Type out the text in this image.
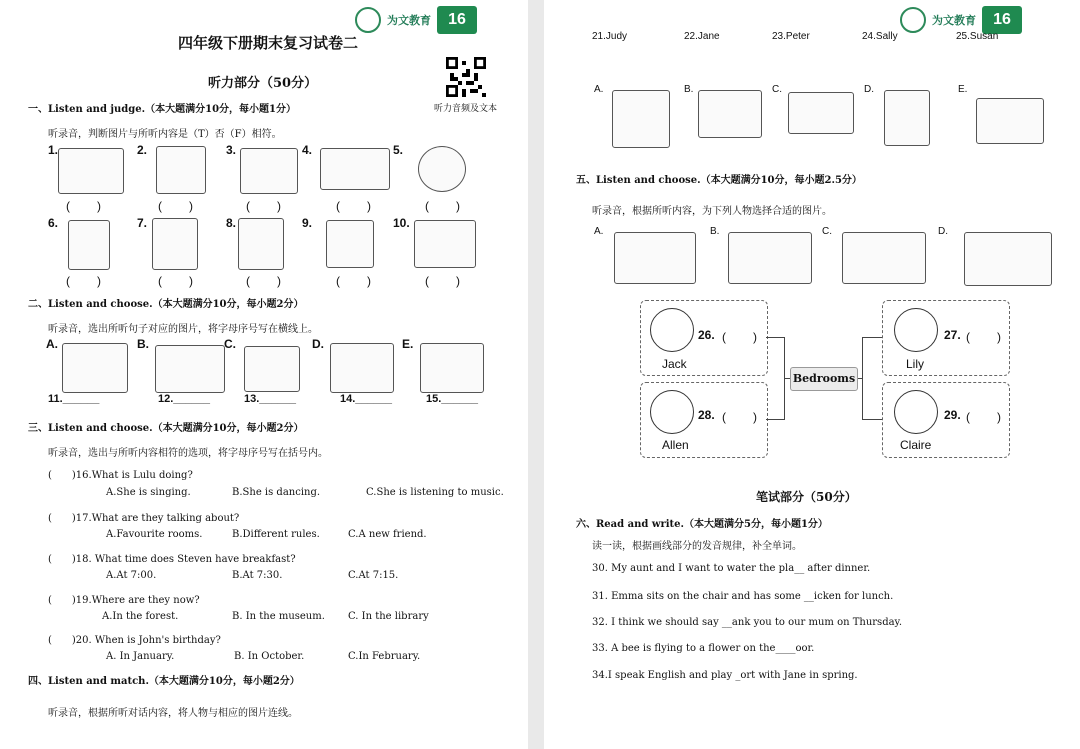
为文教育	16
四年级下册期末复习试卷二
听力部分（50分）
听力音频及文本
一、Listen and judge.（本大题满分10分，每小题1分）
听录音，判断图片与所听内容是（T）否（F）相符。
1.	2.	3.	4.	5.
(　　)	(　　)	(　　)	(　　)	(　　)
6.	7.	8.	9.	10.
(　　)	(　　)	(　　)	(　　)	(　　)
二、Listen and choose.（本大题满分10分，每小题2分）
听录音，选出所听句子对应的图片，将字母序号写在横线上。
A.	B.	C.	D.	E.
11.______	12.______	13.______	14.______	15.______
三、Listen and choose.（本大题满分10分，每小题2分）
听录音，选出与所听内容相符的选项，将字母序号写在括号内。
(　　)16.What is Lulu doing?
A.She is singing.	B.She is dancing.	C.She is listening to music.
(　　)17.What are they talking about?
A.Favourite rooms.	B.Different rules.	C.A new friend.
(　　)18. What time does Steven have breakfast?
A.At 7:00.	B.At 7:30.	C.At 7:15.
(　　)19.Where are they now?
A.In the forest.	B. In the museum. C. In the library
(　　)20. When is John's birthday?
A. In January.	B. In October.	C.In February.
四、Listen and match.（本大题满分10分，每小题2分）
听录音，根据所听对话内容，将人物与相应的图片连线。
为文教育	16
21.Judy	22.Jane	23.Peter	24.Sally	25.Susan
A.	B.	C.	D.	E.
五、Listen and choose.（本大题满分10分，每小题2.5分）
听录音，根据所听内容，为下列人物选择合适的图片。
A.	B.	C.	D.
26. (　　)
Jack
28. (　　)
Allen
27. (　　)
Lily
29. (　　)
Claire
Bedrooms
笔试部分（50分）
六、Read and write.（本大题满分5分，每小题1分）
读一读，根据画线部分的发音规律，补全单词。
30. My aunt and I want to water the pla__ after dinner.
31. Emma sits on the chair and has some __icken for lunch.
32. I think we should say __ank you to our mum on Thursday.
33. A bee is flying to a flower on the____oor.
34.I speak English and play _ort with Jane in spring.
